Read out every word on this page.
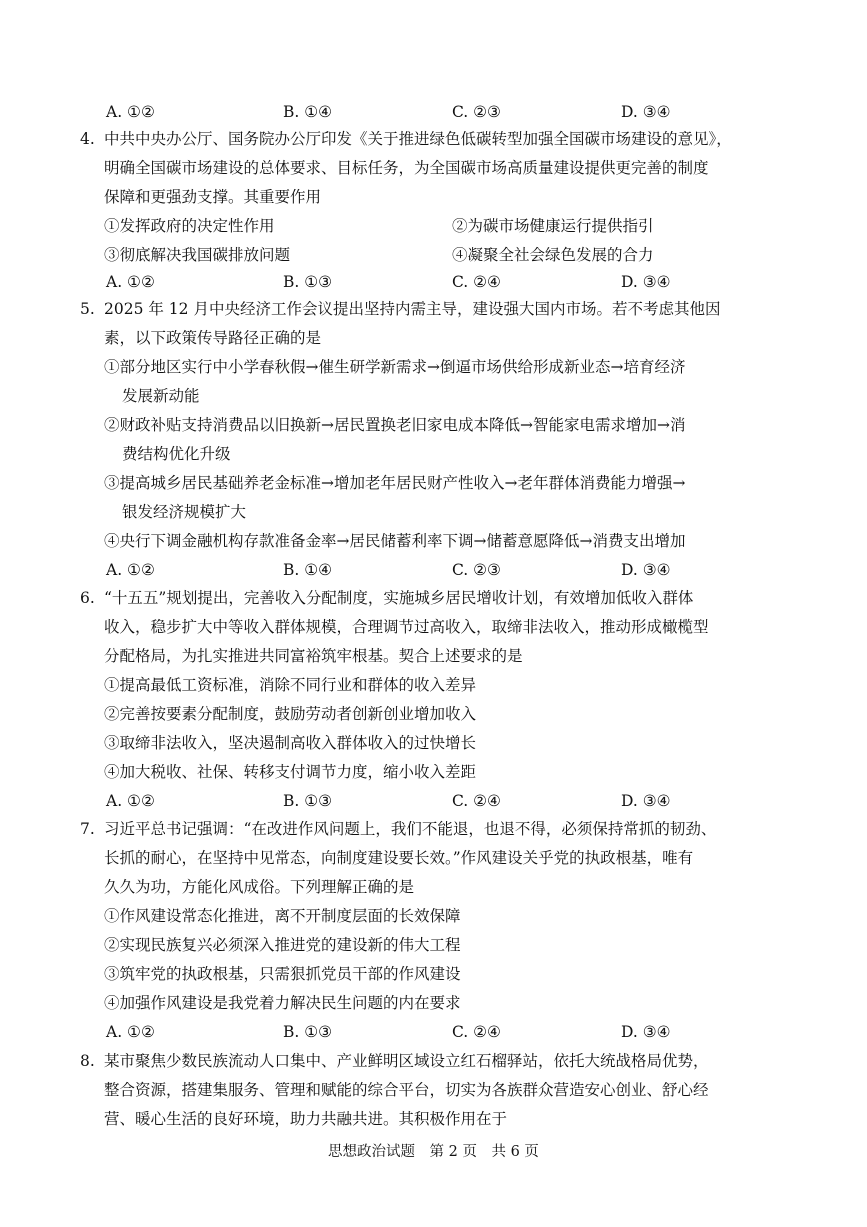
A. ①②	B. ①④	C. ②③	D. ③④
4. 中共中央办公厅、国务院办公厅印发《关于推进绿色低碳转型加强全国碳市场建设的意见》，
明确全国碳市场建设的总体要求、目标任务，为全国碳市场高质量建设提供更完善的制度
保障和更强劲支撑。其重要作用
①发挥政府的决定性作用	②为碳市场健康运行提供指引
③彻底解决我国碳排放问题	④凝聚全社会绿色发展的合力
A. ①②	B. ①③	C. ②④	D. ③④
5. 2025 年 12 月中央经济工作会议提出坚持内需主导，建设强大国内市场。若不考虑其他因
素，以下政策传导路径正确的是
①部分地区实行中小学春秋假→催生研学新需求→倒逼市场供给形成新业态→培育经济
发展新动能
②财政补贴支持消费品以旧换新→居民置换老旧家电成本降低→智能家电需求增加→消
费结构优化升级
③提高城乡居民基础养老金标准→增加老年居民财产性收入→老年群体消费能力增强→
银发经济规模扩大
④央行下调金融机构存款准备金率→居民储蓄利率下调→储蓄意愿降低→消费支出增加
A. ①②	B. ①④	C. ②③	D. ③④
6. “十五五”规划提出，完善收入分配制度，实施城乡居民增收计划，有效增加低收入群体
收入，稳步扩大中等收入群体规模，合理调节过高收入，取缔非法收入，推动形成橄榄型
分配格局，为扎实推进共同富裕筑牢根基。契合上述要求的是
①提高最低工资标准，消除不同行业和群体的收入差异
②完善按要素分配制度，鼓励劳动者创新创业增加收入
③取缔非法收入，坚决遏制高收入群体收入的过快增长
④加大税收、社保、转移支付调节力度，缩小收入差距
A. ①②	B. ①③	C. ②④	D. ③④
7. 习近平总书记强调：“在改进作风问题上，我们不能退，也退不得，必须保持常抓的韧劲、
长抓的耐心，在坚持中见常态，向制度建设要长效。”作风建设关乎党的执政根基，唯有
久久为功，方能化风成俗。下列理解正确的是
①作风建设常态化推进，离不开制度层面的长效保障
②实现民族复兴必须深入推进党的建设新的伟大工程
③筑牢党的执政根基，只需狠抓党员干部的作风建设
④加强作风建设是我党着力解决民生问题的内在要求
A. ①②	B. ①③	C. ②④	D. ③④
8. 某市聚焦少数民族流动人口集中、产业鲜明区域设立红石榴驿站，依托大统战格局优势，
整合资源，搭建集服务、管理和赋能的综合平台，切实为各族群众营造安心创业、舒心经
营、暖心生活的良好环境，助力共融共进。其积极作用在于
思想政治试题　第 2 页　共 6 页
